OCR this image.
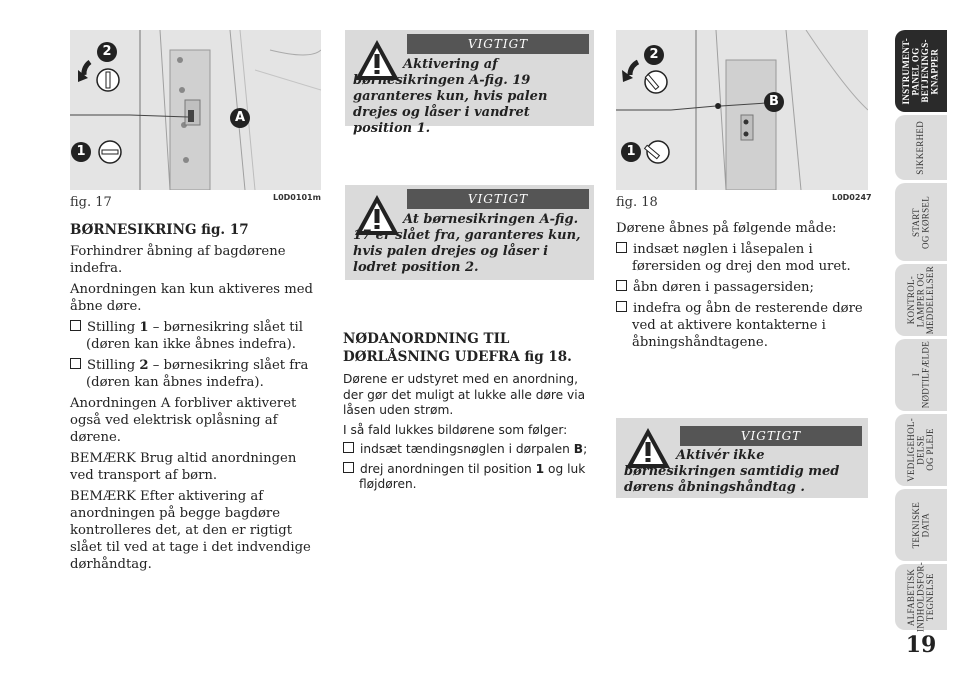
2
1
A
fig. 17	L0D0101m

BØRNESIKRING fig. 17

Forhindrer åbning af bagdørene indefra.

Anordningen kan kun aktiveres med åbne døre.

Stilling 1 – børnesikring slået til (døren kan ikke åbnes indefra).

Stilling 2 – børnesikring slået fra (døren kan åbnes indefra).

Anordningen A forbliver aktiveret også ved elektrisk oplåsning af dørene.

BEMÆRK Brug altid anordningen ved transport af børn.

BEMÆRK Efter aktivering af anordningen på begge bagdøre kontrolleres det, at den er rigtigt slået til ved at tage i det indvendige dørhåndtag.

VIGTIGT
Aktivering af børnesikringen A-fig. 19 garanteres kun, hvis palen drejes og låser i vandret position 1.
VIGTIGT
At børnesikringen A-fig. 17 er slået fra, garanteres kun, hvis palen drejes og låser i lodret position 2.

NØDANORDNING TIL
DØRLÅSNING UDEFRA fig 18.

Dørene er udstyret med en anordning, der gør det muligt at lukke alle døre via låsen uden strøm.

I så fald lukkes bildørene som følger:

indsæt tændingsnøglen i dørpalen B;

drej anordningen til position 1 og luk fløjdøren.

2
1
B
fig. 18	L0D0247

Dørene åbnes på følgende måde:

indsæt nøglen i låsepalen i førersiden og drej den mod uret.

åbn døren i passagersiden;

indefra og åbn de resterende døre ved at aktivere kontakterne i åbningshåndtagene.

VIGTIGT
Aktivér ikke børnesikringen samtidig med dørens åbningshåndtag .
INSTRUMENT-
PANEL OG
BETJENINGS-
KNAPPER
SIKKERHED
START
OG KØRSEL
KONTROL-
LAMPER OG
MEDDELELSER
I
NØDTILFÆLDE
VEDLIGEHOL-
DELSE
OG PLEJE
TEKNISKE
DATA
ALFABETISK
INDHOLDSFOR-
TEGNELSE
19
